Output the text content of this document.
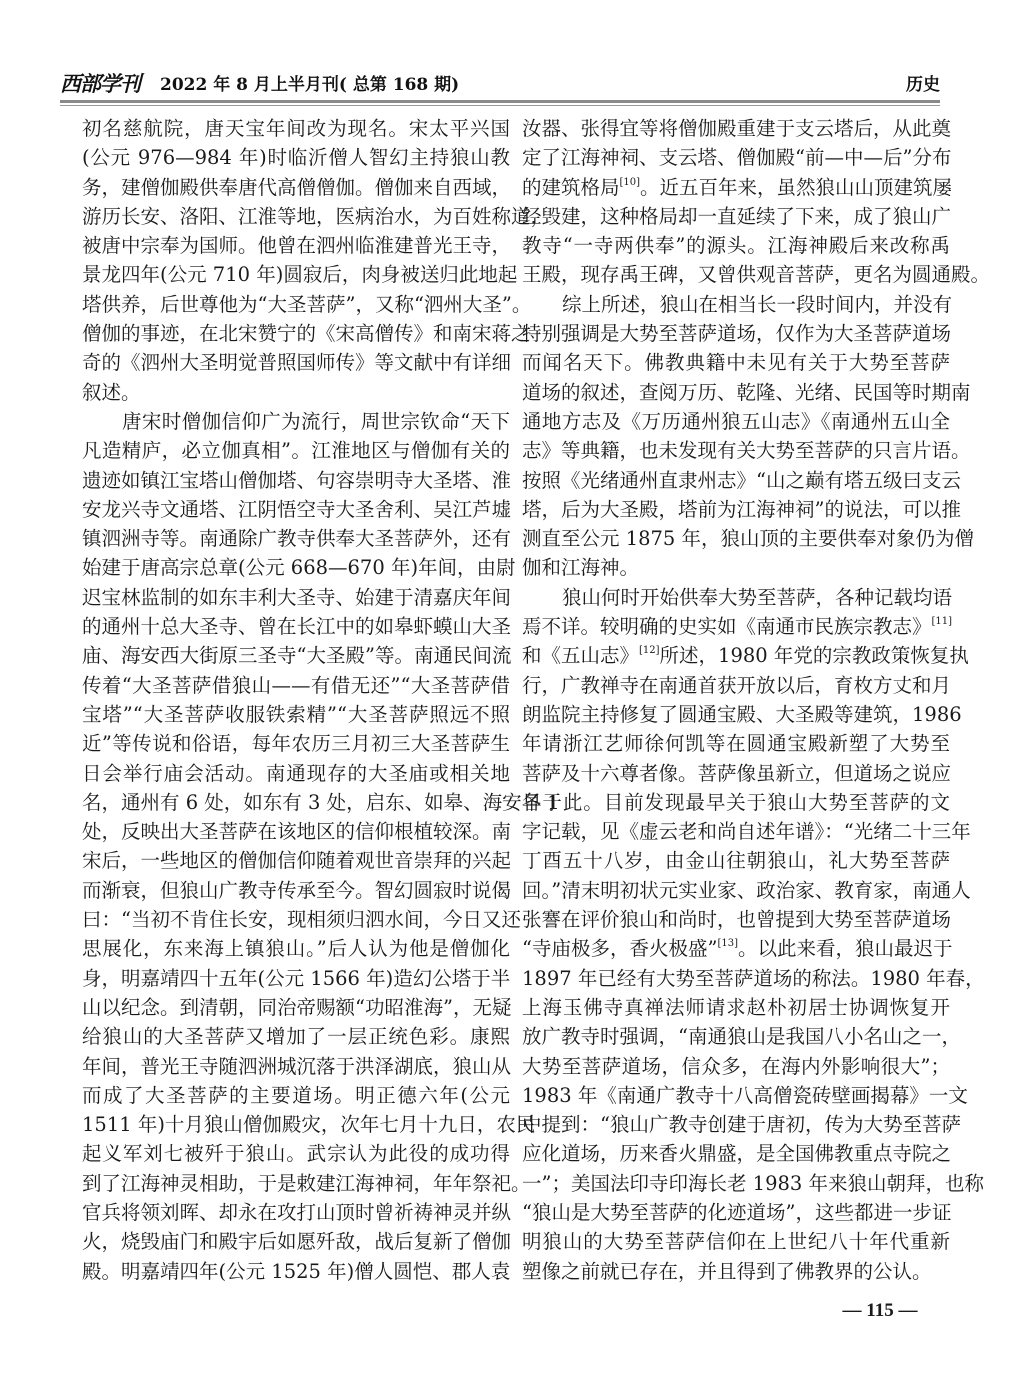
西部学刊 2022 年 8 月上半月刊( 总第 168 期)	历史
初名慈航院，唐天宝年间改为现名。宋太平兴国
(公元 976—984 年)时临沂僧人智幻主持狼山教
务，建僧伽殿供奉唐代高僧僧伽。僧伽来自西域，
游历长安、洛阳、江淮等地，医病治水，为百姓称道，
被唐中宗奉为国师。他曾在泗州临淮建普光王寺，
景龙四年(公元 710 年)圆寂后，肉身被送归此地起
塔供养，后世尊他为“大圣菩萨”，又称“泗州大圣”。
僧伽的事迹，在北宋赞宁的《宋高僧传》和南宋蒋之
奇的《泗州大圣明觉普照国师传》等文献中有详细
叙述。
唐宋时僧伽信仰广为流行，周世宗钦命“天下
凡造精庐，必立伽真相”。江淮地区与僧伽有关的
遗迹如镇江宝塔山僧伽塔、句容崇明寺大圣塔、淮
安龙兴寺文通塔、江阴悟空寺大圣舍利、吴江芦墟
镇泗洲寺等。南通除广教寺供奉大圣菩萨外，还有
始建于唐高宗总章(公元 668—670 年)年间，由尉
迟宝林监制的如东丰利大圣寺、始建于清嘉庆年间
的通州十总大圣寺、曾在长江中的如皋虾蟆山大圣
庙、海安西大街原三圣寺“大圣殿”等。南通民间流
传着“大圣菩萨借狼山——有借无还”“大圣菩萨借
宝塔”“大圣菩萨收服铁索精”“大圣菩萨照远不照
近”等传说和俗语，每年农历三月初三大圣菩萨生
日会举行庙会活动。南通现存的大圣庙或相关地
名，通州有 6 处，如东有 3 处，启东、如皋、海安各 1
处，反映出大圣菩萨在该地区的信仰根植较深。南
宋后，一些地区的僧伽信仰随着观世音崇拜的兴起
而渐衰，但狼山广教寺传承至今。智幻圆寂时说偈
曰：“当初不肯住长安，现相须归泗水间，今日又还
思展化，东来海上镇狼山。”后人认为他是僧伽化
身，明嘉靖四十五年(公元 1566 年)造幻公塔于半
山以纪念。到清朝，同治帝赐额“功昭淮海”，无疑
给狼山的大圣菩萨又增加了一层正统色彩。康熙
年间，普光王寺随泗洲城沉落于洪泽湖底，狼山从
而成了大圣菩萨的主要道场。明正德六年(公元
1511 年)十月狼山僧伽殿灾，次年七月十九日，农民
起义军刘七被歼于狼山。武宗认为此役的成功得
到了江海神灵相助，于是敕建江海神祠，年年祭祀。
官兵将领刘晖、却永在攻打山顶时曾祈祷神灵并纵
火，烧毁庙门和殿宇后如愿歼敌，战后复新了僧伽
殿。明嘉靖四年(公元 1525 年)僧人圆恺、郡人袁
汝器、张得宜等将僧伽殿重建于支云塔后，从此奠
定了江海神祠、支云塔、僧伽殿“前—中—后”分布
的建筑格局[10]。近五百年来，虽然狼山山顶建筑屡
经毁建，这种格局却一直延续了下来，成了狼山广
教寺“一寺两供奉”的源头。江海神殿后来改称禹
王殿，现存禹王碑，又曾供观音菩萨，更名为圆通殿。
综上所述，狼山在相当长一段时间内，并没有
特别强调是大势至菩萨道场，仅作为大圣菩萨道场
而闻名天下。佛教典籍中未见有关于大势至菩萨
道场的叙述，查阅万历、乾隆、光绪、民国等时期南
通地方志及《万历通州狼五山志》《南通州五山全
志》等典籍，也未发现有关大势至菩萨的只言片语。
按照《光绪通州直隶州志》“山之巅有塔五级曰支云
塔，后为大圣殿，塔前为江海神祠”的说法，可以推
测直至公元 1875 年，狼山顶的主要供奉对象仍为僧
伽和江海神。
狼山何时开始供奉大势至菩萨，各种记载均语
焉不详。较明确的史实如《南通市民族宗教志》[11]
和《五山志》[12]所述，1980 年党的宗教政策恢复执
行，广教禅寺在南通首获开放以后，育枚方丈和月
朗监院主持修复了圆通宝殿、大圣殿等建筑，1986
年请浙江艺师徐何凯等在圆通宝殿新塑了大势至
菩萨及十六尊者像。菩萨像虽新立，但道场之说应
早于此。目前发现最早关于狼山大势至菩萨的文
字记载，见《虚云老和尚自述年谱》：“光绪二十三年
丁酉五十八岁，由金山往朝狼山，礼大势至菩萨
回。”清末明初状元实业家、政治家、教育家，南通人
张謇在评价狼山和尚时，也曾提到大势至菩萨道场
“寺庙极多，香火极盛”[13]。以此来看，狼山最迟于
1897 年已经有大势至菩萨道场的称法。1980 年春，
上海玉佛寺真禅法师请求赵朴初居士协调恢复开
放广教寺时强调，“南通狼山是我国八小名山之一，
大势至菩萨道场，信众多，在海内外影响很大”；
1983 年《南通广教寺十八高僧瓷砖壁画揭幕》一文
中提到：“狼山广教寺创建于唐初，传为大势至菩萨
应化道场，历来香火鼎盛，是全国佛教重点寺院之
一”；美国法印寺印海长老 1983 年来狼山朝拜，也称
“狼山是大势至菩萨的化迹道场”，这些都进一步证
明狼山的大势至菩萨信仰在上世纪八十年代重新
塑像之前就已存在，并且得到了佛教界的公认。
— 115 —
